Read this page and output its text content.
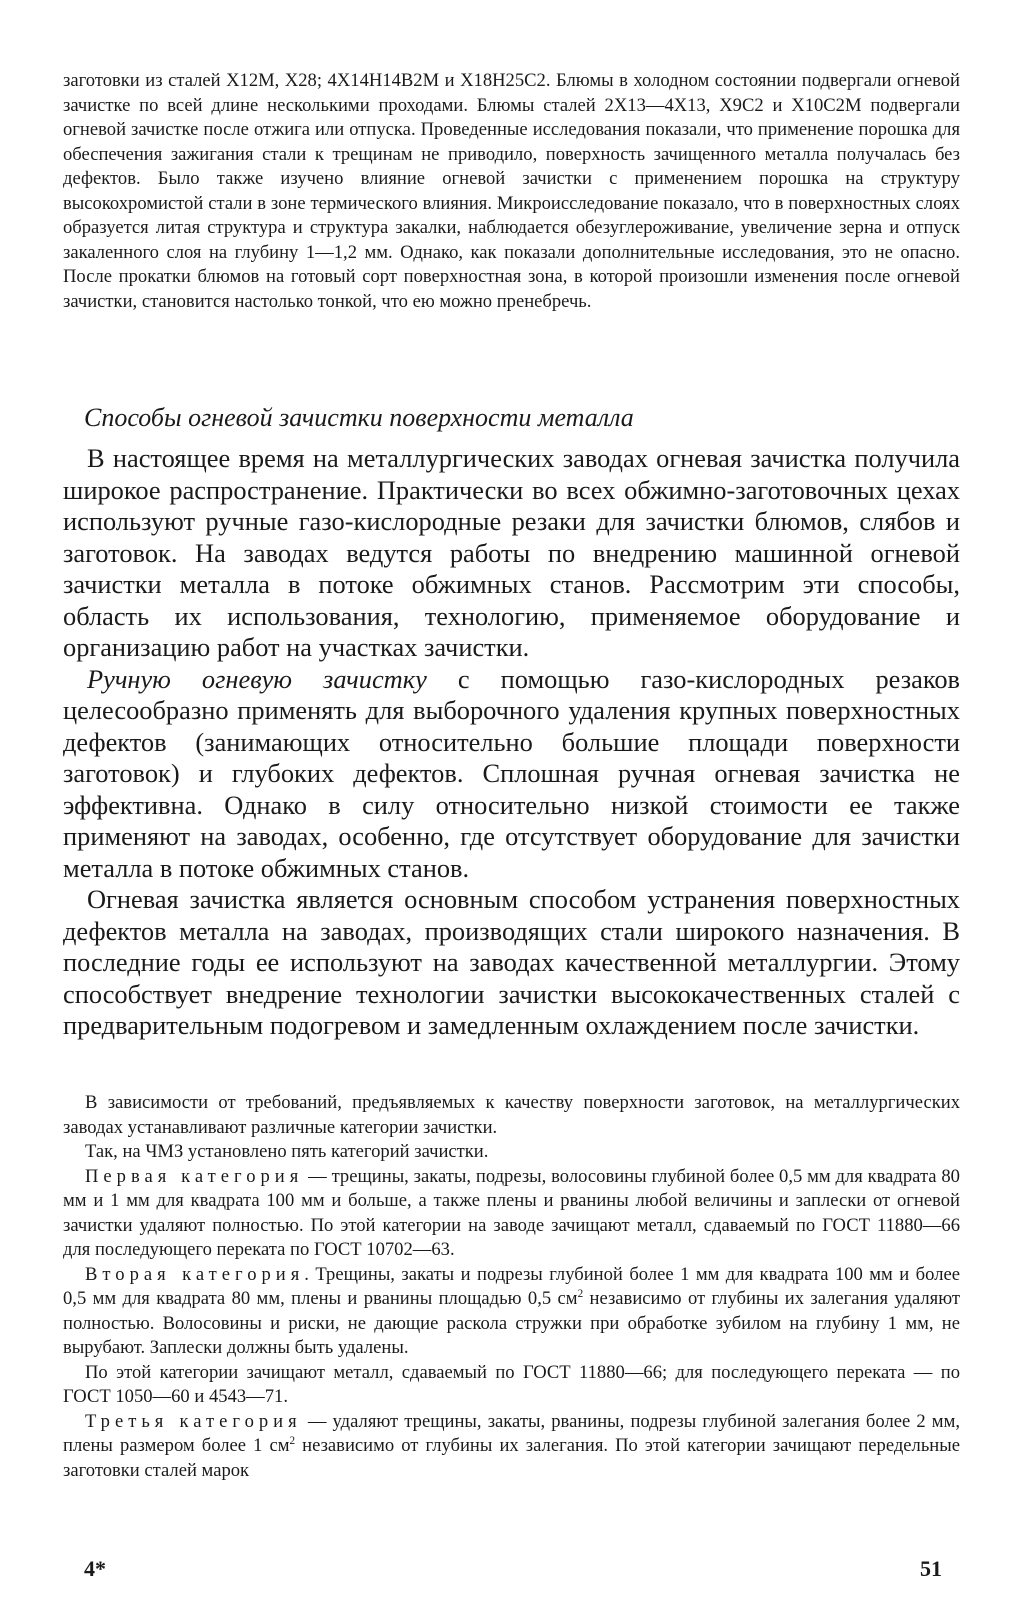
заготовки из сталей Х12М, Х28; 4Х14Н14В2М и Х18Н25С2. Блюмы в холодном состоянии подвергали огневой зачистке по всей длине несколькими проходами. Блюмы сталей 2Х13—4Х13, Х9С2 и Х10С2М подвергали огневой зачистке после отжига или отпуска. Проведенные исследования показали, что применение порошка для обеспечения зажигания стали к трещинам не приводило, поверхность зачищенного металла получалась без дефектов. Было также изучено влияние огневой зачистки с применением порошка на структуру высокохромистой стали в зоне термического влияния. Микроисследование показало, что в поверхностных слоях образуется литая структура и структура закалки, наблюдается обезуглероживание, увеличение зерна и отпуск закаленного слоя на глубину 1—1,2 мм. Однако, как показали дополнительные исследования, это не опасно. После прокатки блюмов на готовый сорт поверхностная зона, в которой произошли изменения после огневой зачистки, становится настолько тонкой, что ею можно пренебречь.

Способы огневой зачистки поверхности металла

В настоящее время на металлургических заводах огневая зачистка получила широкое распространение. Практически во всех обжимно-заготовочных цехах используют ручные газо-кислородные резаки для зачистки блюмов, слябов и заготовок. На заводах ведутся работы по внедрению машинной огневой зачистки металла в потоке обжимных станов. Рассмотрим эти способы, область их использования, технологию, применяемое оборудование и организацию работ на участках зачистки.

Ручную огневую зачистку с помощью газо-кислородных резаков целесообразно применять для выборочного удаления крупных поверхностных дефектов (занимающих относительно большие площади поверхности заготовок) и глубоких дефектов. Сплошная ручная огневая зачистка не эффективна. Однако в силу относительно низкой стоимости ее также применяют на заводах, особенно, где отсутствует оборудование для зачистки металла в потоке обжимных станов.

Огневая зачистка является основным способом устранения поверхностных дефектов металла на заводах, производящих стали широкого назначения. В последние годы ее используют на заводах качественной металлургии. Этому способствует внедрение технологии зачистки высококачественных сталей с предварительным подогревом и замедленным охлаждением после зачистки.

В зависимости от требований, предъявляемых к качеству поверхности заготовок, на металлургических заводах устанавливают различные категории зачистки.

Так, на ЧМЗ установлено пять категорий зачистки.

Первая категория — трещины, закаты, подрезы, волосовины глубиной более 0,5 мм для квадрата 80 мм и 1 мм для квадрата 100 мм и больше, а также плены и рванины любой величины и заплески от огневой зачистки удаляют полностью. По этой категории на заводе зачищают металл, сдаваемый по ГОСТ 11880—66 для последующего переката по ГОСТ 10702—63.

Вторая категория. Трещины, закаты и подрезы глубиной более 1 мм для квадрата 100 мм и более 0,5 мм для квадрата 80 мм, плены и рванины площадью 0,5 $см^2$ независимо от глубины их залегания удаляют полностью. Волосовины и риски, не дающие раскола стружки при обработке зубилом на глубину 1 мм, не вырубают. Заплески должны быть удалены.

По этой категории зачищают металл, сдаваемый по ГОСТ 11880—66; для последующего переката — по ГОСТ 1050—60 и 4543—71.

Третья категория — удаляют трещины, закаты, рванины, подрезы глубиной залегания более 2 мм, плены размером более 1 $см^2$ независимо от глубины их залегания. По этой категории зачищают передельные заготовки сталей марок

4*	51
